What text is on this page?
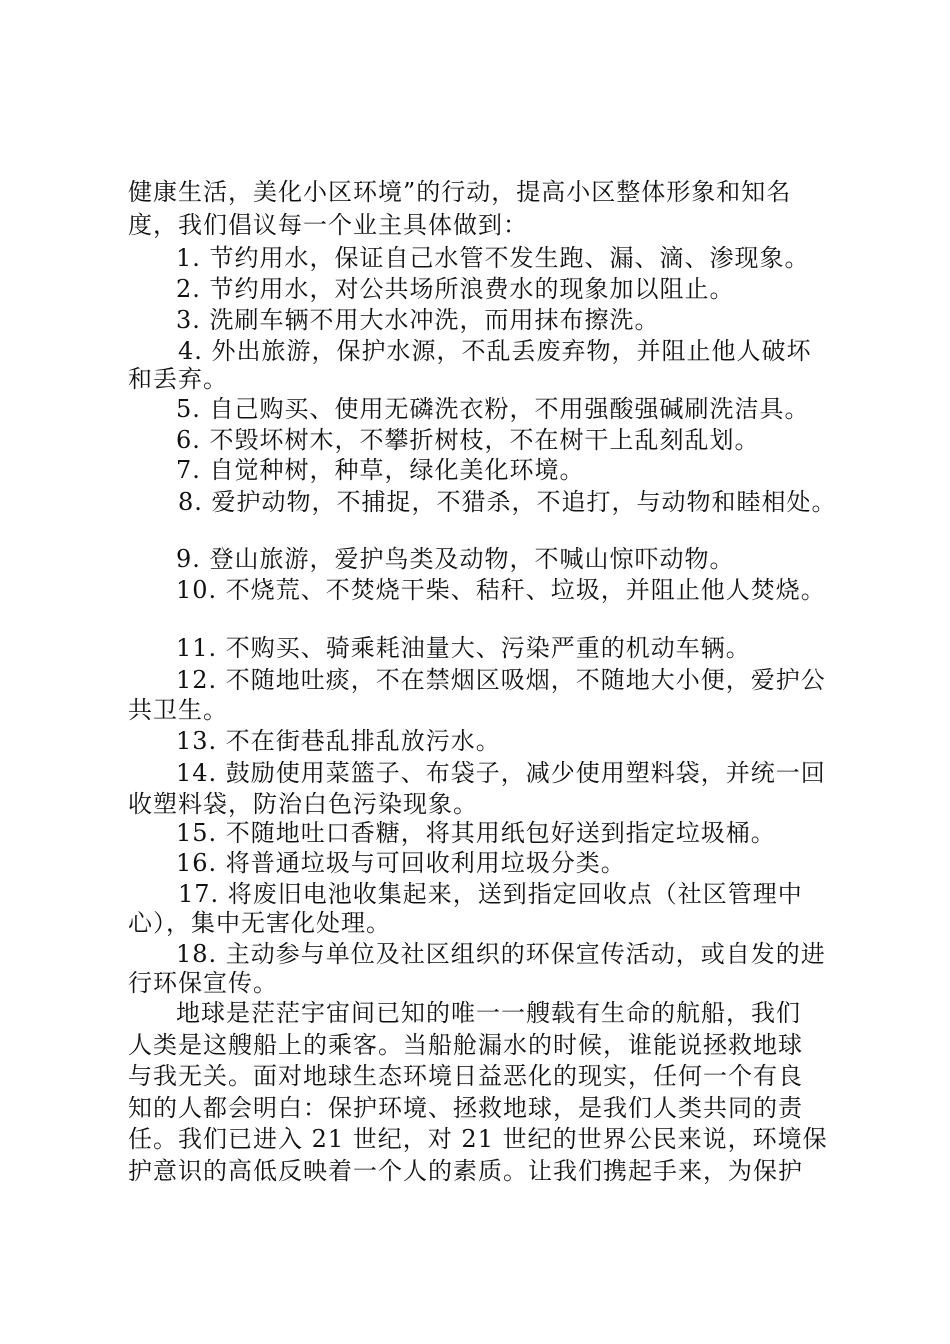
健康生活，美化小区环境”的行动，提高小区整体形象和知名
度，我们倡议每一个业主具体做到：
1. 节约用水，保证自己水管不发生跑、漏、滴、渗现象。
2. 节约用水，对公共场所浪费水的现象加以阻止。
3. 洗刷车辆不用大水冲洗，而用抹布擦洗。
4. 外出旅游，保护水源，不乱丢废弃物，并阻止他人破坏
和丢弃。
5. 自己购买、使用无磷洗衣粉，不用强酸强碱刷洗洁具。
6. 不毁坏树木，不攀折树枝，不在树干上乱刻乱划。
7. 自觉种树，种草，绿化美化环境。
8. 爱护动物，不捕捉，不猎杀，不追打，与动物和睦相处。
9. 登山旅游，爱护鸟类及动物，不喊山惊吓动物。
10. 不烧荒、不焚烧干柴、秸秆、垃圾，并阻止他人焚烧。
11. 不购买、骑乘耗油量大、污染严重的机动车辆。
12. 不随地吐痰，不在禁烟区吸烟，不随地大小便，爱护公
共卫生。
13. 不在街巷乱排乱放污水。
14. 鼓励使用菜篮子、布袋子，减少使用塑料袋，并统一回
收塑料袋，防治白色污染现象。
15. 不随地吐口香糖，将其用纸包好送到指定垃圾桶。
16. 将普通垃圾与可回收利用垃圾分类。
17. 将废旧电池收集起来，送到指定回收点（社区管理中
心），集中无害化处理。
18. 主动参与单位及社区组织的环保宣传活动，或自发的进
行环保宣传。
地球是茫茫宇宙间已知的唯一一艘载有生命的航船，我们
人类是这艘船上的乘客。当船舱漏水的时候，谁能说拯救地球
与我无关。面对地球生态环境日益恶化的现实，任何一个有良
知的人都会明白：保护环境、拯救地球，是我们人类共同的责
任。我们已进入 21 世纪，对 21 世纪的世界公民来说，环境保
护意识的高低反映着一个人的素质。让我们携起手来，为保护
